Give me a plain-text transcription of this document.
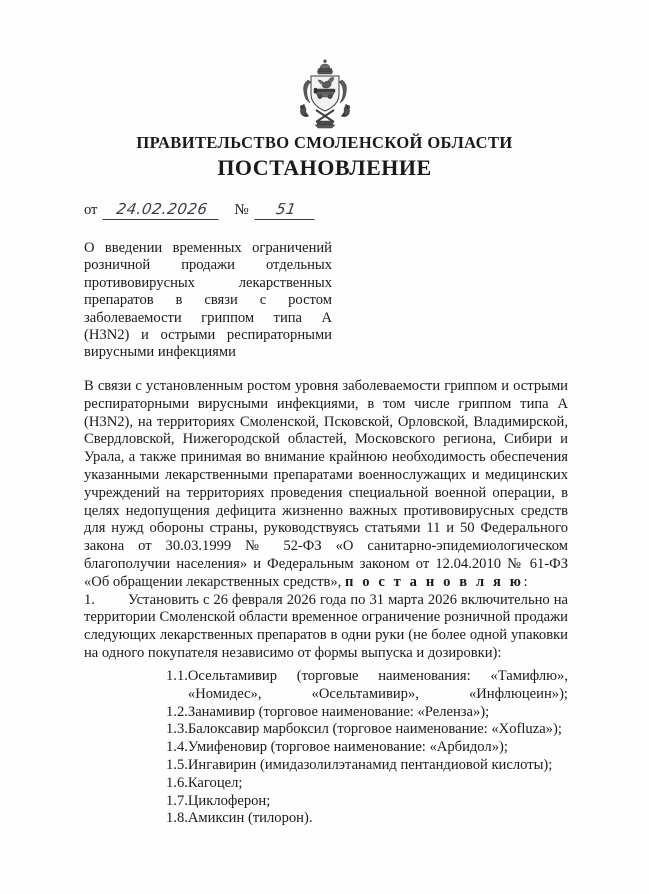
ПРАВИТЕЛЬСТВО СМОЛЕНСКОЙ ОБЛАСТИ
ПОСТАНОВЛЕНИЕ
от	24.02.2026	№	51
О введении временных ограничений розничной продажи отдельных противовирусных лекарственных препаратов в связи с ростом заболеваемости гриппом типа А (H3N2) и острыми респираторными вирусными инфекциями

В связи с установленным ростом уровня заболеваемости гриппом и острыми респираторными вирусными инфекциями, в том числе гриппом типа А (H3N2), на территориях Смоленской, Псковской, Орловской, Владимирской, Свердловской, Нижегородской областей, Московского региона, Сибири и Урала, а также принимая во внимание крайнюю необходимость обеспечения указанными лекарственными препаратами военнослужащих и медицинских учреждений на территориях проведения специальной военной операции, в целях недопущения дефицита жизненно важных противовирусных средств для нужд обороны страны, руководствуясь статьями 11 и 50 Федерального закона от 30.03.1999 № 52-ФЗ «О санитарно-эпидемиологическом благополучии населения» и Федеральным законом от 12.04.2010 № 61-ФЗ «Об обращении лекарственных средств», п о с т а н о в л я ю:

1. Установить с 26 февраля 2026 года по 31 марта 2026 включительно на территории Смоленской области временное ограничение розничной продажи следующих лекарственных препаратов в одни руки (не более одной упаковки на одного покупателя независимо от формы выпуска и дозировки):

1.1. Осельтамивир (торговые наименования: «Тамифлю», «Номидес», «Осельтамивир», «Инфлюцеин»);
1.2. Занамивир (торговое наименование: «Реленза»);
1.3. Балоксавир марбоксил (торговое наименование: «Xofluza»);
1.4. Умифеновир (торговое наименование: «Арбидол»);
1.5. Ингавирин (имидазолилэтанамид пентандиовой кислоты);
1.6. Кагоцел;
1.7. Циклоферон;
1.8. Амиксин (тилорон).
